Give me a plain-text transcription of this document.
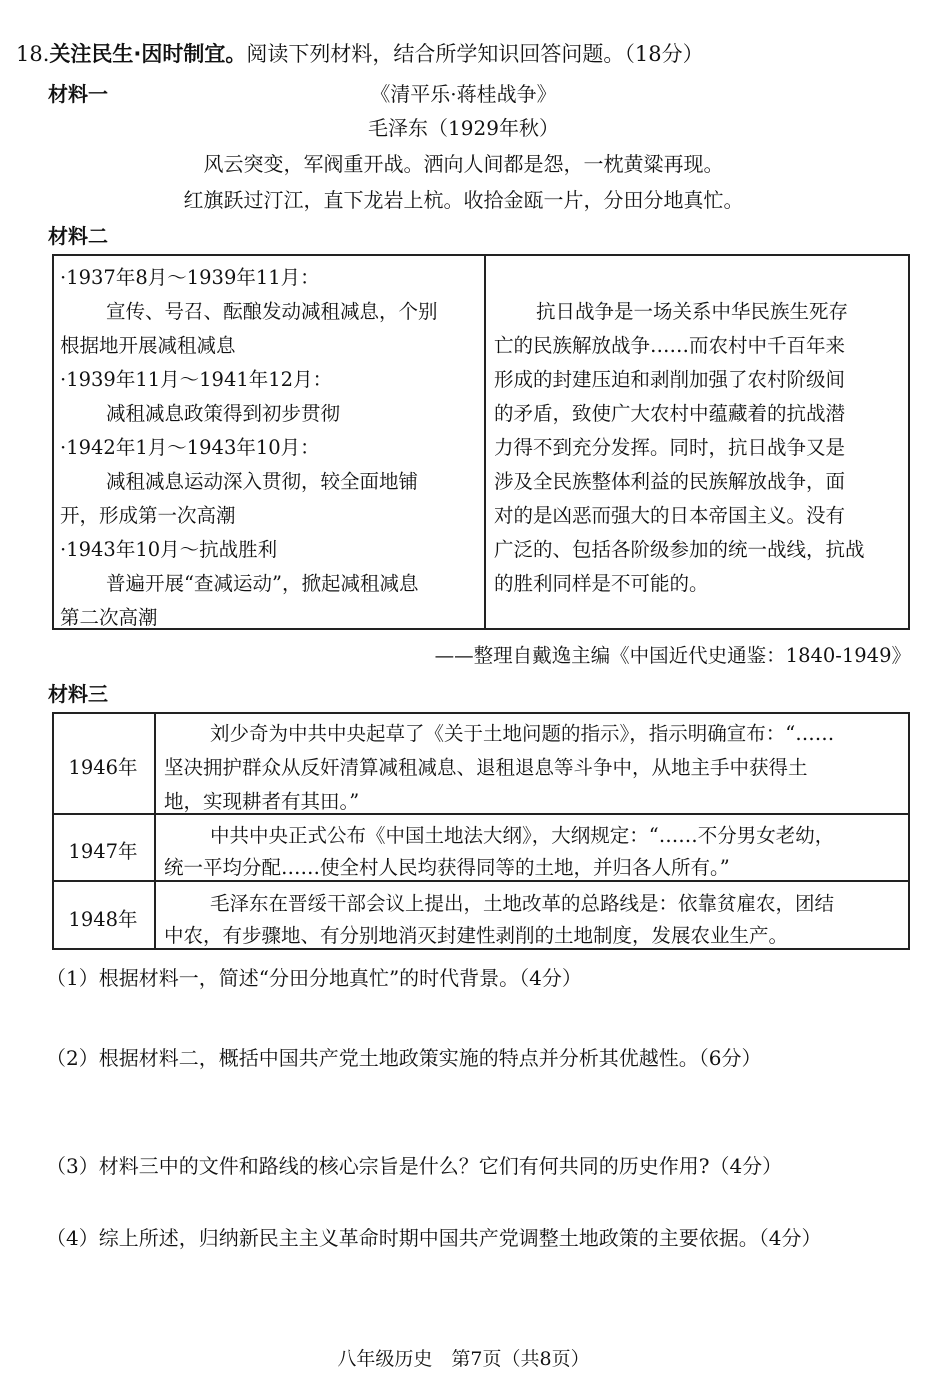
18.关注民生·因时制宜。阅读下列材料，结合所学知识回答问题。（18分）
材料一	《清平乐·蒋桂战争》
毛泽东（1929年秋）
风云突变，军阀重开战。洒向人间都是怨，一枕黄粱再现。
红旗跃过汀江，直下龙岩上杭。收拾金瓯一片，分田分地真忙。
材料二
·1937年8月～1939年11月：
宣传、号召、酝酿发动减租减息，个别
根据地开展减租减息
·1939年11月～1941年12月：
减租减息政策得到初步贯彻
·1942年1月～1943年10月：
减租减息运动深入贯彻，较全面地铺
开，形成第一次高潮
·1943年10月～抗战胜利
普遍开展“查减运动”，掀起减租减息
第二次高潮
抗日战争是一场关系中华民族生死存
亡的民族解放战争……而农村中千百年来
形成的封建压迫和剥削加强了农村阶级间
的矛盾，致使广大农村中蕴藏着的抗战潜
力得不到充分发挥。同时，抗日战争又是
涉及全民族整体利益的民族解放战争，面
对的是凶恶而强大的日本帝国主义。没有
广泛的、包括各阶级参加的统一战线，抗战
的胜利同样是不可能的。
——整理自戴逸主编《中国近代史通鉴：1840-1949》
材料三
1946年
刘少奇为中共中央起草了《关于土地问题的指示》，指示明确宣布：“……
坚决拥护群众从反奸清算减租减息、退租退息等斗争中，从地主手中获得土
地，实现耕者有其田。”
1947年
中共中央正式公布《中国土地法大纲》，大纲规定：“……不分男女老幼，
统一平均分配……使全村人民均获得同等的土地，并归各人所有。”
1948年
毛泽东在晋绥干部会议上提出，土地改革的总路线是：依靠贫雇农，团结
中农，有步骤地、有分别地消灭封建性剥削的土地制度，发展农业生产。
（1）根据材料一，简述“分田分地真忙”的时代背景。（4分）
（2）根据材料二，概括中国共产党土地政策实施的特点并分析其优越性。（6分）
（3）材料三中的文件和路线的核心宗旨是什么？它们有何共同的历史作用?（4分）
（4）综上所述，归纳新民主主义革命时期中国共产党调整土地政策的主要依据。（4分）
八年级历史　第7页（共8页）
